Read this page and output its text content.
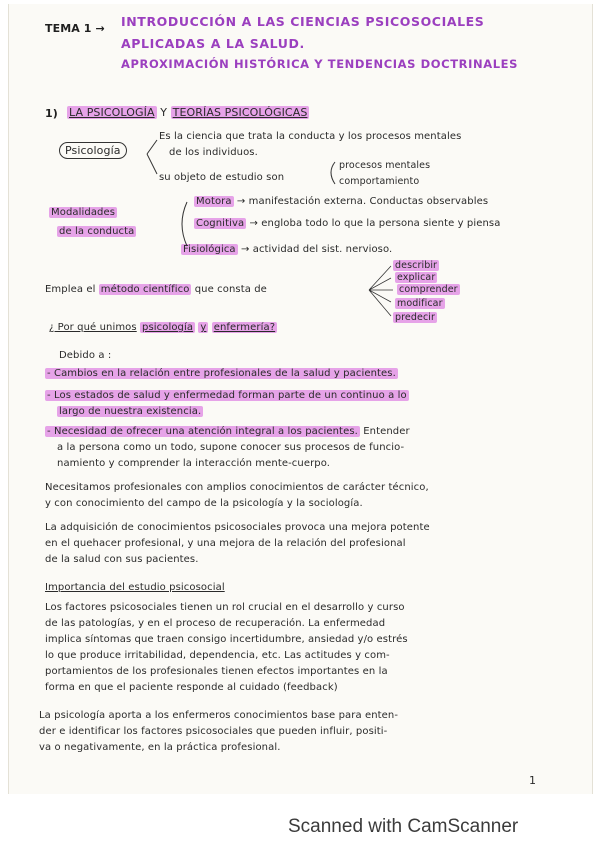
TEMA 1 → INTRODUCCIÓN A LAS CIENCIAS PSICOSOCIALES
APLICADAS A LA SALUD.
APROXIMACIÓN HISTÓRICA Y TENDENCIAS DOCTRINALES
1) LA PSICOLOGÍA Y TEORÍAS PSICOLÓGICAS
Psicología
Es la ciencia que trata la conducta y los procesos mentales
de los individuos.
su objeto de estudio son
procesos mentales
comportamiento
Modalidades
de la conducta
Motora → manifestación externa. Conductas observables
Cognitiva → engloba todo lo que la persona siente y piensa
Fisiológica → actividad del sist. nervioso.
Emplea el método científico que consta de
describir
explicar
comprender
modificar
predecir
¿ Por qué unimos psicología y enfermería?
Debido a :
- Cambios en la relación entre profesionales de la salud y pacientes.
- Los estados de salud y enfermedad forman parte de un continuo a lo
largo de nuestra existencia.
- Necesidad de ofrecer una atención integral a los pacientes. Entender
a la persona como un todo, supone conocer sus procesos de funcio-
namiento y comprender la interacción mente-cuerpo.
Necesitamos profesionales con amplios conocimientos de carácter técnico,
y con conocimiento del campo de la psicología y la sociología.
La adquisición de conocimientos psicosociales provoca una mejora potente
en el quehacer profesional, y una mejora de la relación del profesional
de la salud con sus pacientes.
Importancia del estudio psicosocial
Los factores psicosociales tienen un rol crucial en el desarrollo y curso
de las patologías, y en el proceso de recuperación. La enfermedad
implica síntomas que traen consigo incertidumbre, ansiedad y/o estrés
lo que produce irritabilidad, dependencia, etc. Las actitudes y com-
portamientos de los profesionales tienen efectos importantes en la
forma en que el paciente responde al cuidado (feedback)
La psicología aporta a los enfermeros conocimientos base para enten-
der e identificar los factores psicosociales que pueden influir, positi-
va o negativamente, en la práctica profesional.
1
Scanned with CamScanner
